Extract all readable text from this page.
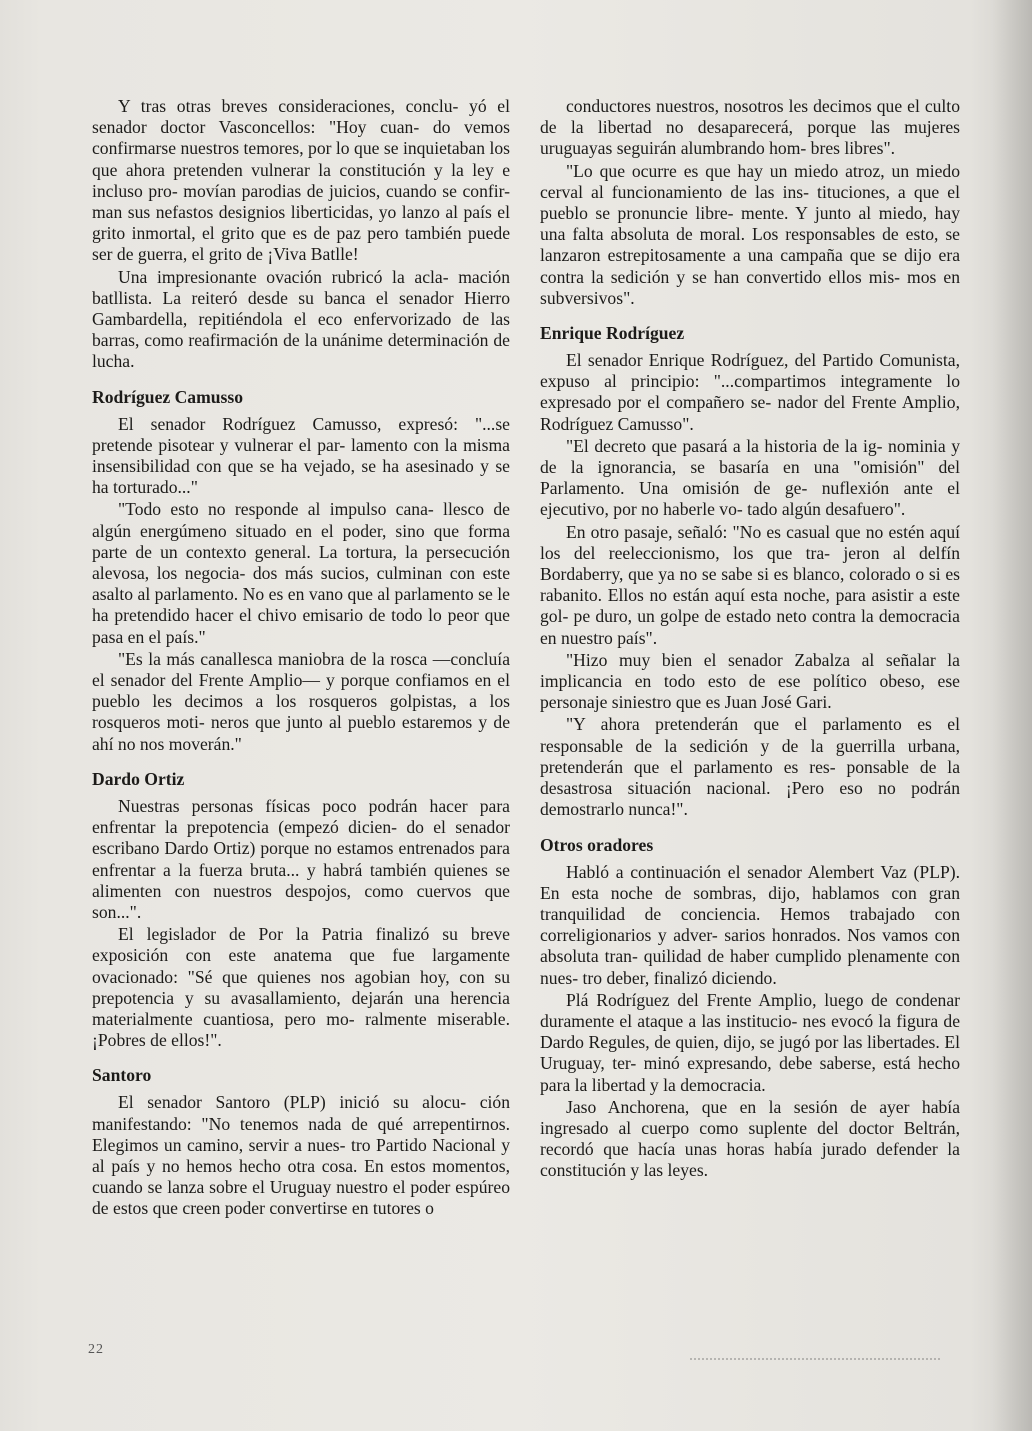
Y tras otras breves consideraciones, conclu- yó el senador doctor Vasconcellos: "Hoy cuan- do vemos confirmarse nuestros temores, por lo que se inquietaban los que ahora pretenden vulnerar la constitución y la ley e incluso pro- movían parodias de juicios, cuando se confir- man sus nefastos designios liberticidas, yo lanzo al país el grito inmortal, el grito que es de paz pero también puede ser de guerra, el grito de ¡Viva Batlle!

Una impresionante ovación rubricó la acla- mación batllista. La reiteró desde su banca el senador Hierro Gambardella, repitiéndola el eco enfervorizado de las barras, como reafirmación de la unánime determinación de lucha.

Rodríguez Camusso

El senador Rodríguez Camusso, expresó: "...se pretende pisotear y vulnerar el par- lamento con la misma insensibilidad con que se ha vejado, se ha asesinado y se ha torturado..."

"Todo esto no responde al impulso cana- llesco de algún energúmeno situado en el poder, sino que forma parte de un contexto general. La tortura, la persecución alevosa, los negocia- dos más sucios, culminan con este asalto al parlamento. No es en vano que al parlamento se le ha pretendido hacer el chivo emisario de todo lo peor que pasa en el país."

"Es la más canallesca maniobra de la rosca —concluía el senador del Frente Amplio— y porque confiamos en el pueblo les decimos a los rosqueros golpistas, a los rosqueros moti- neros que junto al pueblo estaremos y de ahí no nos moverán."

Dardo Ortiz

Nuestras personas físicas poco podrán hacer para enfrentar la prepotencia (empezó dicien- do el senador escribano Dardo Ortiz) porque no estamos entrenados para enfrentar a la fuerza bruta... y habrá también quienes se alimenten con nuestros despojos, como cuervos que son...".

El legislador de Por la Patria finalizó su breve exposición con este anatema que fue largamente ovacionado: "Sé que quienes nos agobian hoy, con su prepotencia y su avasallamiento, dejarán una herencia materialmente cuantiosa, pero mo- ralmente miserable. ¡Pobres de ellos!".

Santoro

El senador Santoro (PLP) inició su alocu- ción manifestando: "No tenemos nada de qué arrepentirnos. Elegimos un camino, servir a nues- tro Partido Nacional y al país y no hemos hecho otra cosa. En estos momentos, cuando se lanza sobre el Uruguay nuestro el poder espúreo de estos que creen poder convertirse en tutores o

conductores nuestros, nosotros les decimos que el culto de la libertad no desaparecerá, porque las mujeres uruguayas seguirán alumbrando hom- bres libres".

"Lo que ocurre es que hay un miedo atroz, un miedo cerval al funcionamiento de las ins- tituciones, a que el pueblo se pronuncie libre- mente. Y junto al miedo, hay una falta absoluta de moral. Los responsables de esto, se lanzaron estrepitosamente a una campaña que se dijo era contra la sedición y se han convertido ellos mis- mos en subversivos".

Enrique Rodríguez

El senador Enrique Rodríguez, del Partido Comunista, expuso al principio: "...compartimos integramente lo expresado por el compañero se- nador del Frente Amplio, Rodríguez Camusso".

"El decreto que pasará a la historia de la ig- nominia y de la ignorancia, se basaría en una "omisión" del Parlamento. Una omisión de ge- nuflexión ante el ejecutivo, por no haberle vo- tado algún desafuero".

En otro pasaje, señaló: "No es casual que no estén aquí los del reeleccionismo, los que tra- jeron al delfín Bordaberry, que ya no se sabe si es blanco, colorado o si es rabanito. Ellos no están aquí esta noche, para asistir a este gol- pe duro, un golpe de estado neto contra la democracia en nuestro país".

"Hizo muy bien el senador Zabalza al señalar la implicancia en todo esto de ese político obeso, ese personaje siniestro que es Juan José Gari.

"Y ahora pretenderán que el parlamento es el responsable de la sedición y de la guerrilla urbana, pretenderán que el parlamento es res- ponsable de la desastrosa situación nacional. ¡Pero eso no podrán demostrarlo nunca!".

Otros oradores

Habló a continuación el senador Alembert Vaz (PLP). En esta noche de sombras, dijo, hablamos con gran tranquilidad de conciencia. Hemos trabajado con correligionarios y adver- sarios honrados. Nos vamos con absoluta tran- quilidad de haber cumplido plenamente con nues- tro deber, finalizó diciendo.

Plá Rodríguez del Frente Amplio, luego de condenar duramente el ataque a las institucio- nes evocó la figura de Dardo Regules, de quien, dijo, se jugó por las libertades. El Uruguay, ter- minó expresando, debe saberse, está hecho para la libertad y la democracia.

Jaso Anchorena, que en la sesión de ayer había ingresado al cuerpo como suplente del doctor Beltrán, recordó que hacía unas horas había jurado defender la constitución y las leyes.

22
